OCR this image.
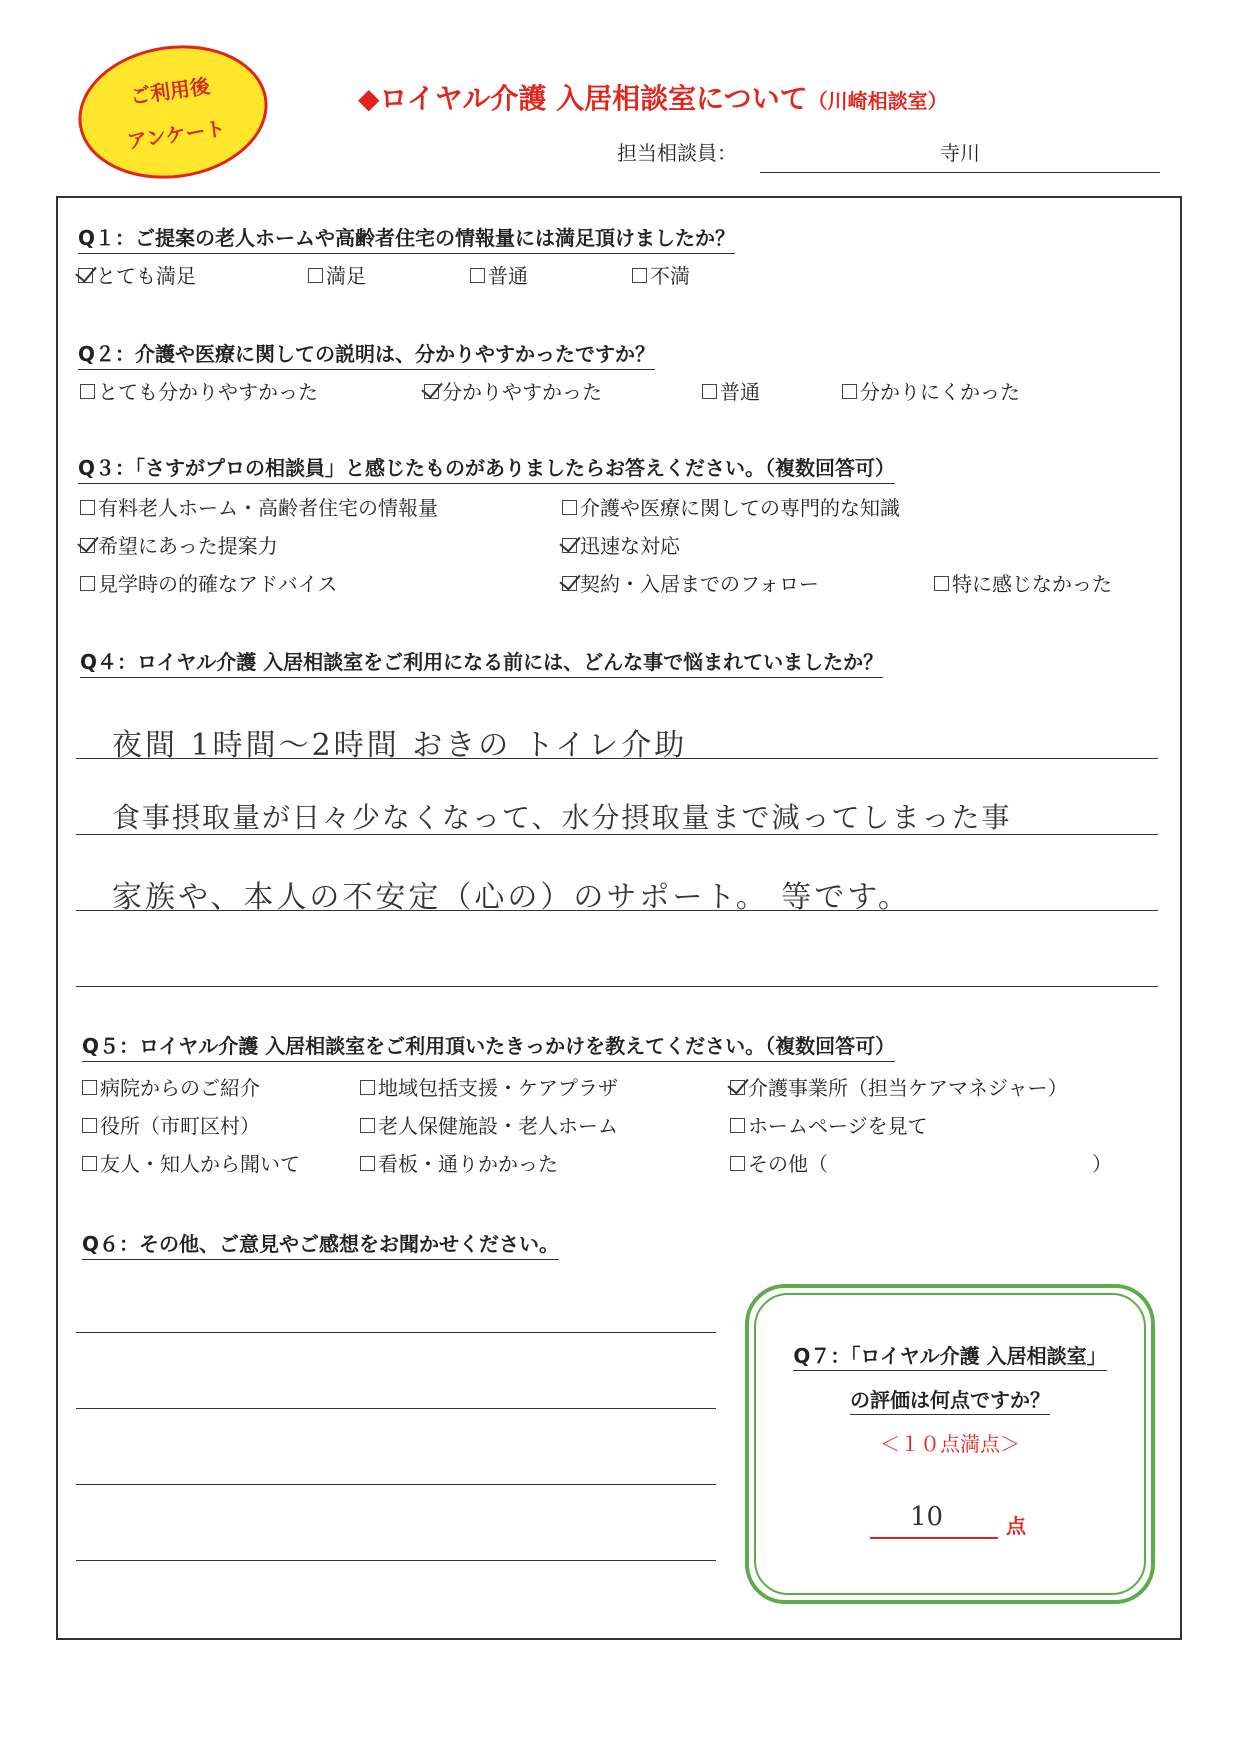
ご利用後
アンケート
◆ロイヤル介護 入居相談室について（川崎相談室）
担当相談員：	寺川
Q１：ご提案の老人ホームや高齢者住宅の情報量には満足頂けましたか？
とても満足	満足	普通	不満
Q２：介護や医療に関しての説明は、分かりやすかったですか？
とても分かりやすかった	分かりやすかった	普通	分かりにくかった
Q３：「さすがプロの相談員」と感じたものがありましたらお答えください。（複数回答可）
有料老人ホーム・高齢者住宅の情報量	介護や医療に関しての専門的な知識
希望にあった提案力	迅速な対応
見学時の的確なアドバイス	契約・入居までのフォロー	特に感じなかった
Q４：ロイヤル介護 入居相談室をご利用になる前には、どんな事で悩まれていましたか？
夜間 1時間〜2時間 おきの トイレ介助
食事摂取量が日々少なくなって、水分摂取量まで減ってしまった事
家族や、本人の不安定（心の）のサポート。 等です。
Q５：ロイヤル介護 入居相談室をご利用頂いたきっかけを教えてください。（複数回答可）
病院からのご紹介	地域包括支援・ケアプラザ	介護事業所（担当ケアマネジャー）
役所（市町区村）	老人保健施設・老人ホーム	ホームページを見て
友人・知人から聞いて	看板・通りかかった	その他（	）
Q６：その他、ご意見やご感想をお聞かせください。
Q７：「ロイヤル介護 入居相談室」
の評価は何点ですか？
＜１０点満点＞
10	点
